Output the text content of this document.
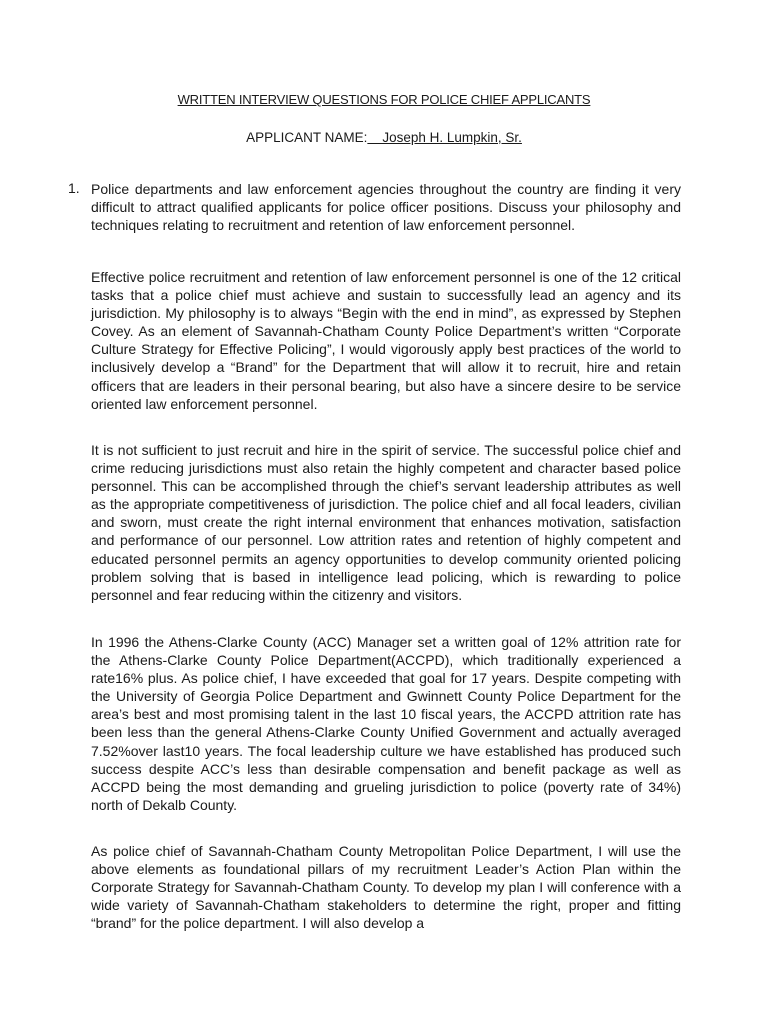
WRITTEN INTERVIEW QUESTIONS FOR POLICE CHIEF APPLICANTS
APPLICANT NAME:    Joseph H. Lumpkin, Sr.
1. Police departments and law enforcement agencies throughout the country are finding it very difficult to attract qualified applicants for police officer positions. Discuss your philosophy and techniques relating to recruitment and retention of law enforcement personnel.
Effective police recruitment and retention of law enforcement personnel is one of the 12 critical tasks that a police chief must achieve and sustain to successfully lead an agency and its jurisdiction. My philosophy is to always “Begin with the end in mind”, as expressed by Stephen Covey. As an element of Savannah-Chatham County Police Department’s written “Corporate Culture Strategy for Effective Policing”, I would vigorously apply best practices of the world to inclusively develop a “Brand” for the Department that will allow it to recruit, hire and retain officers that are leaders in their personal bearing, but also have a sincere desire to be service oriented law enforcement personnel.
It is not sufficient to just recruit and hire in the spirit of service. The successful police chief and crime reducing jurisdictions must also retain the highly competent and character based police personnel. This can be accomplished through the chief’s servant leadership attributes as well as the appropriate competitiveness of jurisdiction. The police chief and all focal leaders, civilian and sworn, must create the right internal environment that enhances motivation, satisfaction and performance of our personnel. Low attrition rates and retention of highly competent and educated personnel permits an agency opportunities to develop community oriented policing problem solving that is based in intelligence lead policing, which is rewarding to police personnel and fear reducing within the citizenry and visitors.
In 1996 the Athens-Clarke County (ACC) Manager set a written goal of 12% attrition rate for the Athens-Clarke County Police Department(ACCPD), which traditionally experienced a rate16% plus. As police chief, I have exceeded that goal for 17 years. Despite competing with the University of Georgia Police Department and Gwinnett County Police Department for the area’s best and most promising talent in the last 10 fiscal years, the ACCPD attrition rate has been less than the general Athens-Clarke County Unified Government and actually averaged 7.52%over last10 years. The focal leadership culture we have established has produced such success despite ACC’s less than desirable compensation and benefit package as well as ACCPD being the most demanding and grueling jurisdiction to police (poverty rate of 34%) north of Dekalb County.
As police chief of Savannah-Chatham County Metropolitan Police Department, I will use the above elements as foundational pillars of my recruitment Leader’s Action Plan within the Corporate Strategy for Savannah-Chatham County. To develop my plan I will conference with a wide variety of Savannah-Chatham stakeholders to determine the right, proper and fitting “brand” for the police department. I will also develop a
